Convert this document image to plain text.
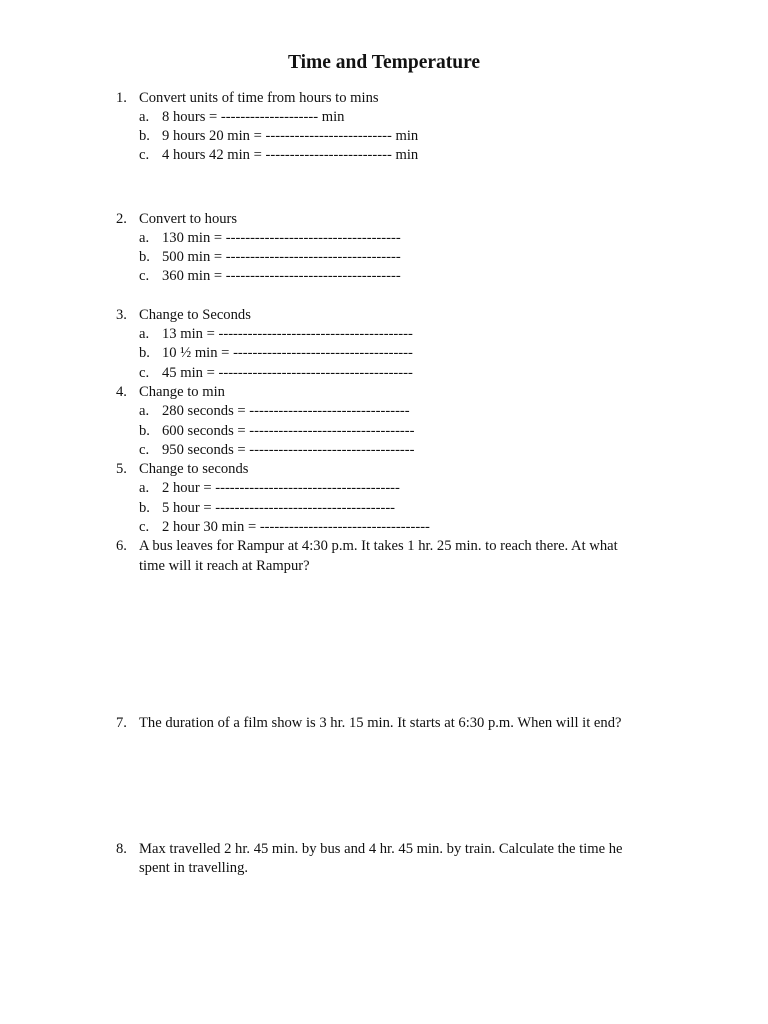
Time and Temperature
1. Convert units of time from hours to mins
a. 8 hours = -------------------- min
b. 9 hours 20 min = -------------------------- min
c. 4 hours 42 min = -------------------------- min
2. Convert to hours
a. 130 min = ------------------------------------
b. 500 min = ------------------------------------
c. 360 min = ------------------------------------
3. Change to Seconds
a. 13 min = ----------------------------------------
b. 10 ½ min = -------------------------------------
c. 45 min = ----------------------------------------
4. Change to min
a. 280 seconds = ---------------------------------
b. 600 seconds = ----------------------------------
c. 950 seconds = ----------------------------------
5. Change to seconds
a. 2 hour = --------------------------------------
b. 5 hour = -------------------------------------
c. 2 hour 30 min = -----------------------------------
6. A bus leaves for Rampur at 4:30 p.m. It takes 1 hr. 25 min. to reach there. At what
time will it reach at Rampur?
7. The duration of a film show is 3 hr. 15 min. It starts at 6:30 p.m. When will it end?
8. Max travelled 2 hr. 45 min. by bus and 4 hr. 45 min. by train. Calculate the time he
spent in travelling.
